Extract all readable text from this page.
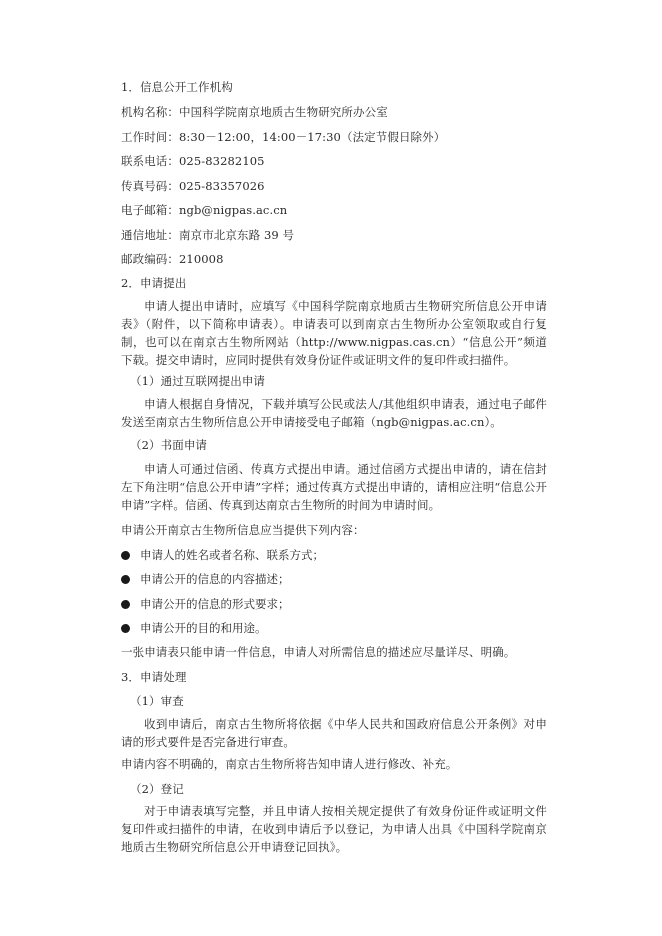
1．信息公开工作机构
机构名称：中国科学院南京地质古生物研究所办公室
工作时间：8:30－12:00，14:00－17:30（法定节假日除外）
联系电话：025-83282105
传真号码：025-83357026
电子邮箱：ngb@nigpas.ac.cn
通信地址：南京市北京东路 39 号
邮政编码：210008
2．申请提出
申请人提出申请时，应填写《中国科学院南京地质古生物研究所信息公开申请表》（附件，以下简称申请表）。申请表可以到南京古生物所办公室领取或自行复制，也可以在南京古生物所网站（http://www.nigpas.cas.cn）“信息公开”频道下载。提交申请时，应同时提供有效身份证件或证明文件的复印件或扫描件。
（1）通过互联网提出申请
申请人根据自身情况，下载并填写公民或法人/其他组织申请表，通过电子邮件发送至南京古生物所信息公开申请接受电子邮箱（ngb@nigpas.ac.cn）。
（2）书面申请
申请人可通过信函、传真方式提出申请。通过信函方式提出申请的，请在信封左下角注明“信息公开申请”字样；通过传真方式提出申请的，请相应注明“信息公开申请”字样。信函、传真到达南京古生物所的时间为申请时间。
申请公开南京古生物所信息应当提供下列内容：
申请人的姓名或者名称、联系方式；
申请公开的信息的内容描述；
申请公开的信息的形式要求；
申请公开的目的和用途。
一张申请表只能申请一件信息，申请人对所需信息的描述应尽量详尽、明确。
3．申请处理
（1）审查
收到申请后，南京古生物所将依据《中华人民共和国政府信息公开条例》对申请的形式要件是否完备进行审查。
申请内容不明确的，南京古生物所将告知申请人进行修改、补充。
（2）登记
对于申请表填写完整，并且申请人按相关规定提供了有效身份证件或证明文件复印件或扫描件的申请，在收到申请后予以登记，为申请人出具《中国科学院南京地质古生物研究所信息公开申请登记回执》。
